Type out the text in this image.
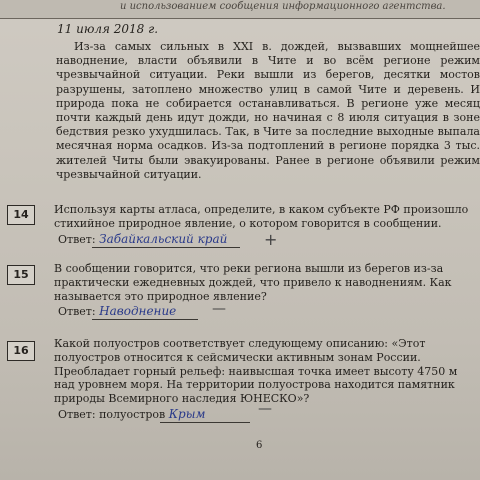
и использованием сообщения информационного агентства.
11 июля 2018 г.

Из-за самых сильных в XXI в. дождей, вызвавших мощнейшее наводнение, власти объявили в Чите и во всём регионе режим чрезвычайной ситуации. Реки вышли из берегов, десятки мостов разрушены, затоплено множество улиц в самой Чите и деревень. И природа пока не собирается останавливаться. В регионе уже месяц почти каждый день идут дожди, но начиная с 8 июля ситуация в зоне бедствия резко ухудшилась. Так, в Чите за последние выходные выпала месячная норма осадков. Из-за подтоплений в регионе порядка 3 тыс. жителей Читы были эвакуированы. Ранее в регионе объявили режим чрезвычайной ситуации.

14	Используя карты атласа, определите, в каком субъекте РФ произошло стихийное природное явление, о котором говорится в сообщении.
Ответ: Забайкальский край +
15	В сообщении говорится, что реки региона вышли из берегов из-за практически ежедневных дождей, что привело к наводнениям. Как называется это природное явление?
Ответ: Наводнение	—
16
Какой полуостров соответствует следующему описанию: «Этот полуостров относится к сейсмически активным зонам России. Преобладает горный рельеф: наивысшая точка имеет высоту 4750 м над уровнем моря. На территории полуострова находится памятник природы Всемирного наследия ЮНЕСКО»?
Ответ: полуостров Крым	—
6
